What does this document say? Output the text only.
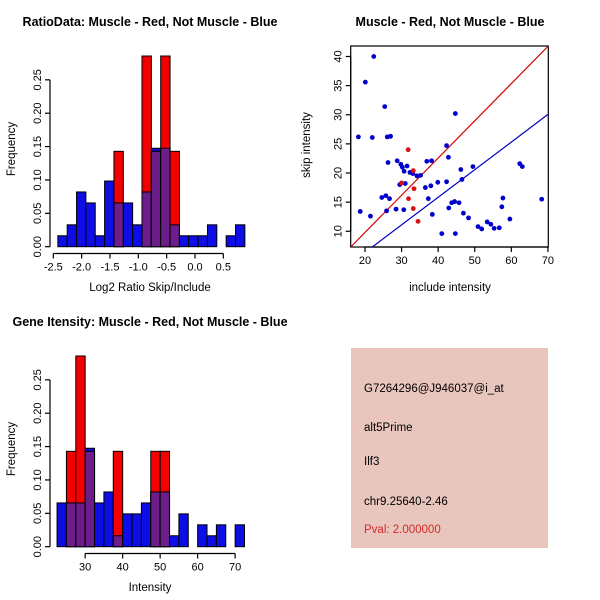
-2.5 -2.0 -1.5 -1.0 -0.5 0.0 0.5
0.00
0.05
0.10
0.15
0.20
0.25
RatioData: Muscle - Red, Not Muscle - Blue
Log2 Ratio Skip/Include
Frequency
20 30 40 50 60 70
10
15
20
25
30
35
40
Muscle - Red, Not Muscle - Blue
include intensity
skip intensity
30 40 50 60 70
0.00
0.05
0.10
0.15
0.20
0.25
Gene Itensity: Muscle - Red, Not Muscle - Blue
Intensity
Frequency
G7264296@J946037@i_at
alt5Prime
Ilf3
chr9.25640-2.46
Pval: 2.000000
